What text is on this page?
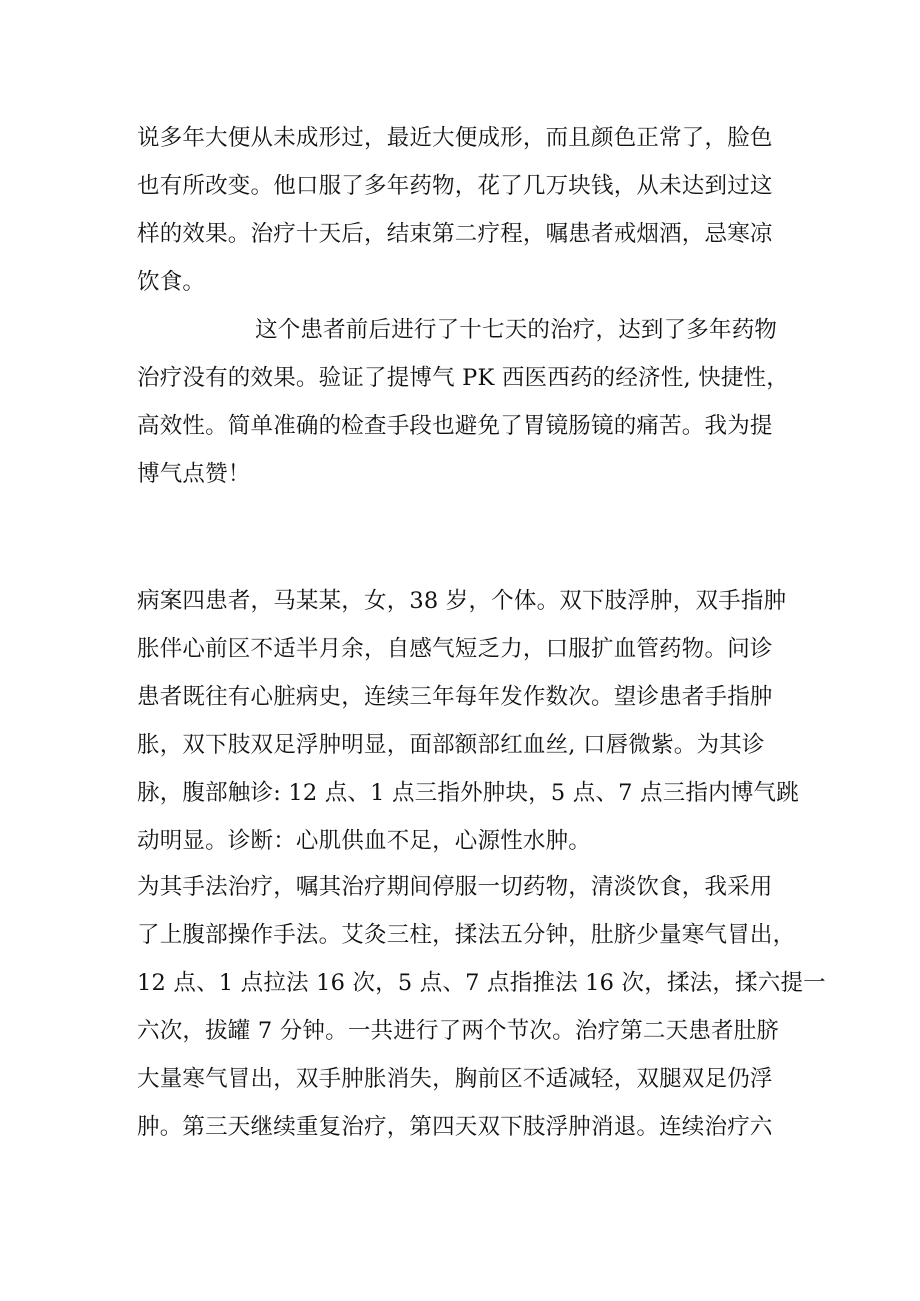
说多年大便从未成形过，最近大便成形，而且颜色正常了，脸色

也有所改变。他口服了多年药物，花了几万块钱，从未达到过这

样的效果。治疗十天后，结束第二疗程，嘱患者戒烟酒，忌寒凉

饮食。

这个患者前后进行了十七天的治疗，达到了多年药物

治疗没有的效果。验证了提博气 PK 西医西药的经济性, 快捷性，

高效性。简单准确的检查手段也避免了胃镜肠镜的痛苦。我为提

博气点赞！

病案四患者，马某某，女，38 岁，个体。双下肢浮肿，双手指肿

胀伴心前区不适半月余，自感气短乏力，口服扩血管药物。问诊

患者既往有心脏病史，连续三年每年发作数次。望诊患者手指肿

胀，双下肢双足浮肿明显，面部额部红血丝, 口唇微紫。为其诊

脉，腹部触诊: 12 点、1 点三指外肿块，5 点、7 点三指内博气跳

动明显。诊断：心肌供血不足，心源性水肿。

为其手法治疗，嘱其治疗期间停服一切药物，清淡饮食，我采用

了上腹部操作手法。艾灸三柱，揉法五分钟，肚脐少量寒气冒出，

12 点、1 点拉法 16 次，5 点、7 点指推法 16 次，揉法，揉六提一

六次，拔罐 7 分钟。一共进行了两个节次。治疗第二天患者肚脐

大量寒气冒出，双手肿胀消失，胸前区不适减轻，双腿双足仍浮

肿。第三天继续重复治疗，第四天双下肢浮肿消退。连续治疗六
